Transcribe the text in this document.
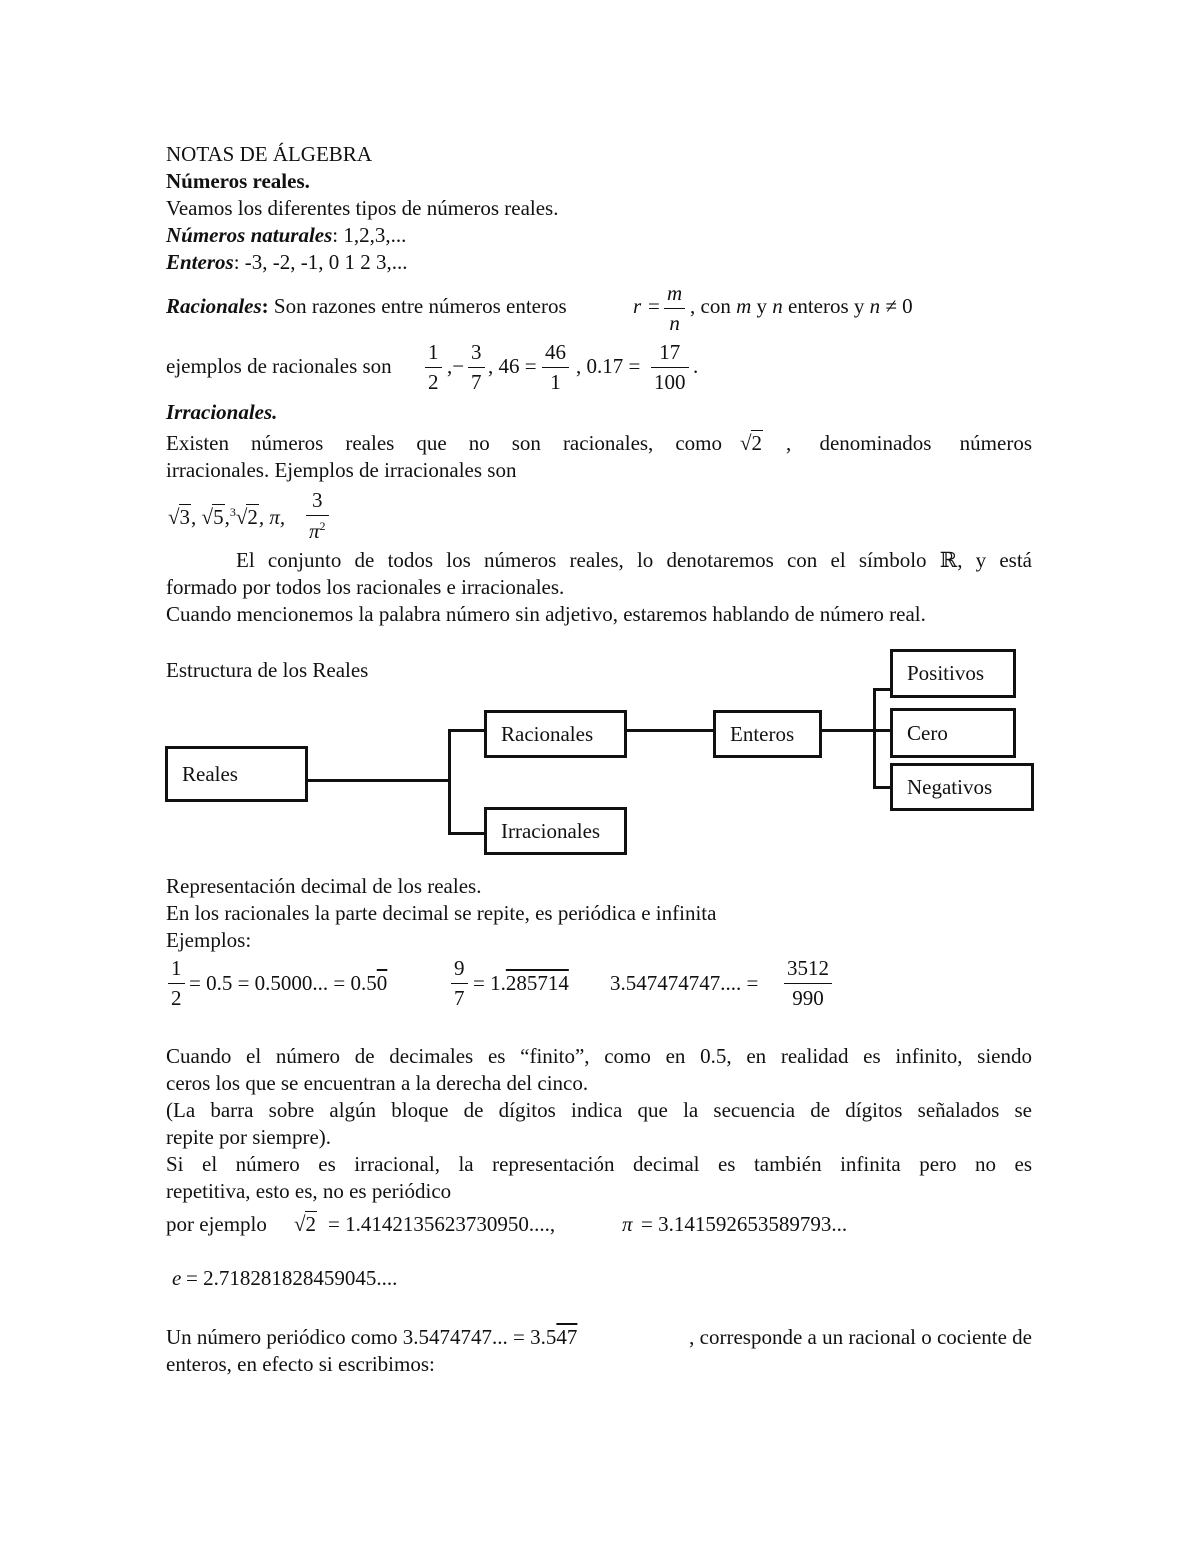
NOTAS DE ÁLGEBRA
Números reales.
Veamos los diferentes tipos de números reales.
Números naturales: 1,2,3,...
Enteros: -3, -2, -1, 0 1 2 3,...
Racionales: Son razones entre números enteros	r =
m
n
, con m y n enteros y n ≠ 0
ejemplos de racionales son
1
2
,−
3
7
, 46 =
46
1
, 0.17 =
17
100
.
Irracionales.
Existen números reales que no son racionales, como √2 , denominados números
irracionales. Ejemplos de irracionales son
√3, √5,$^3$√2, π,
3
$\pi^2$
El conjunto de todos los números reales, lo denotaremos con el símbolo ℝ, y está
formado por todos los racionales e irracionales.
Cuando mencionemos la palabra número sin adjetivo, estaremos hablando de número real.
Estructura de los Reales
Reales
Racionales
Irracionales
Enteros
Positivos
Cero
Negativos
Representación decimal de los reales.
En los racionales la parte decimal se repite, es periódica e infinita
Ejemplos:
1
2
= 0.5 = 0.5000... = 0.50
9
7
= 1.285714 3.547474747.... =
3512
990
Cuando el número de decimales es “finito”, como en 0.5, en realidad es infinito, siendo
ceros los que se encuentran a la derecha del cinco.
(La barra sobre algún bloque de dígitos indica que la secuencia de dígitos señalados se
repite por siempre).
Si el número es irracional, la representación decimal es también infinita pero no es
repetitiva, esto es, no es periódico
por ejemplo √2 = 1.4142135623730950....,	π = 3.141592653589793...
e = 2.718281828459045....
Un número periódico como 3.5474747... = 3.547	, corresponde a un racional o cociente de
enteros, en efecto si escribimos:
